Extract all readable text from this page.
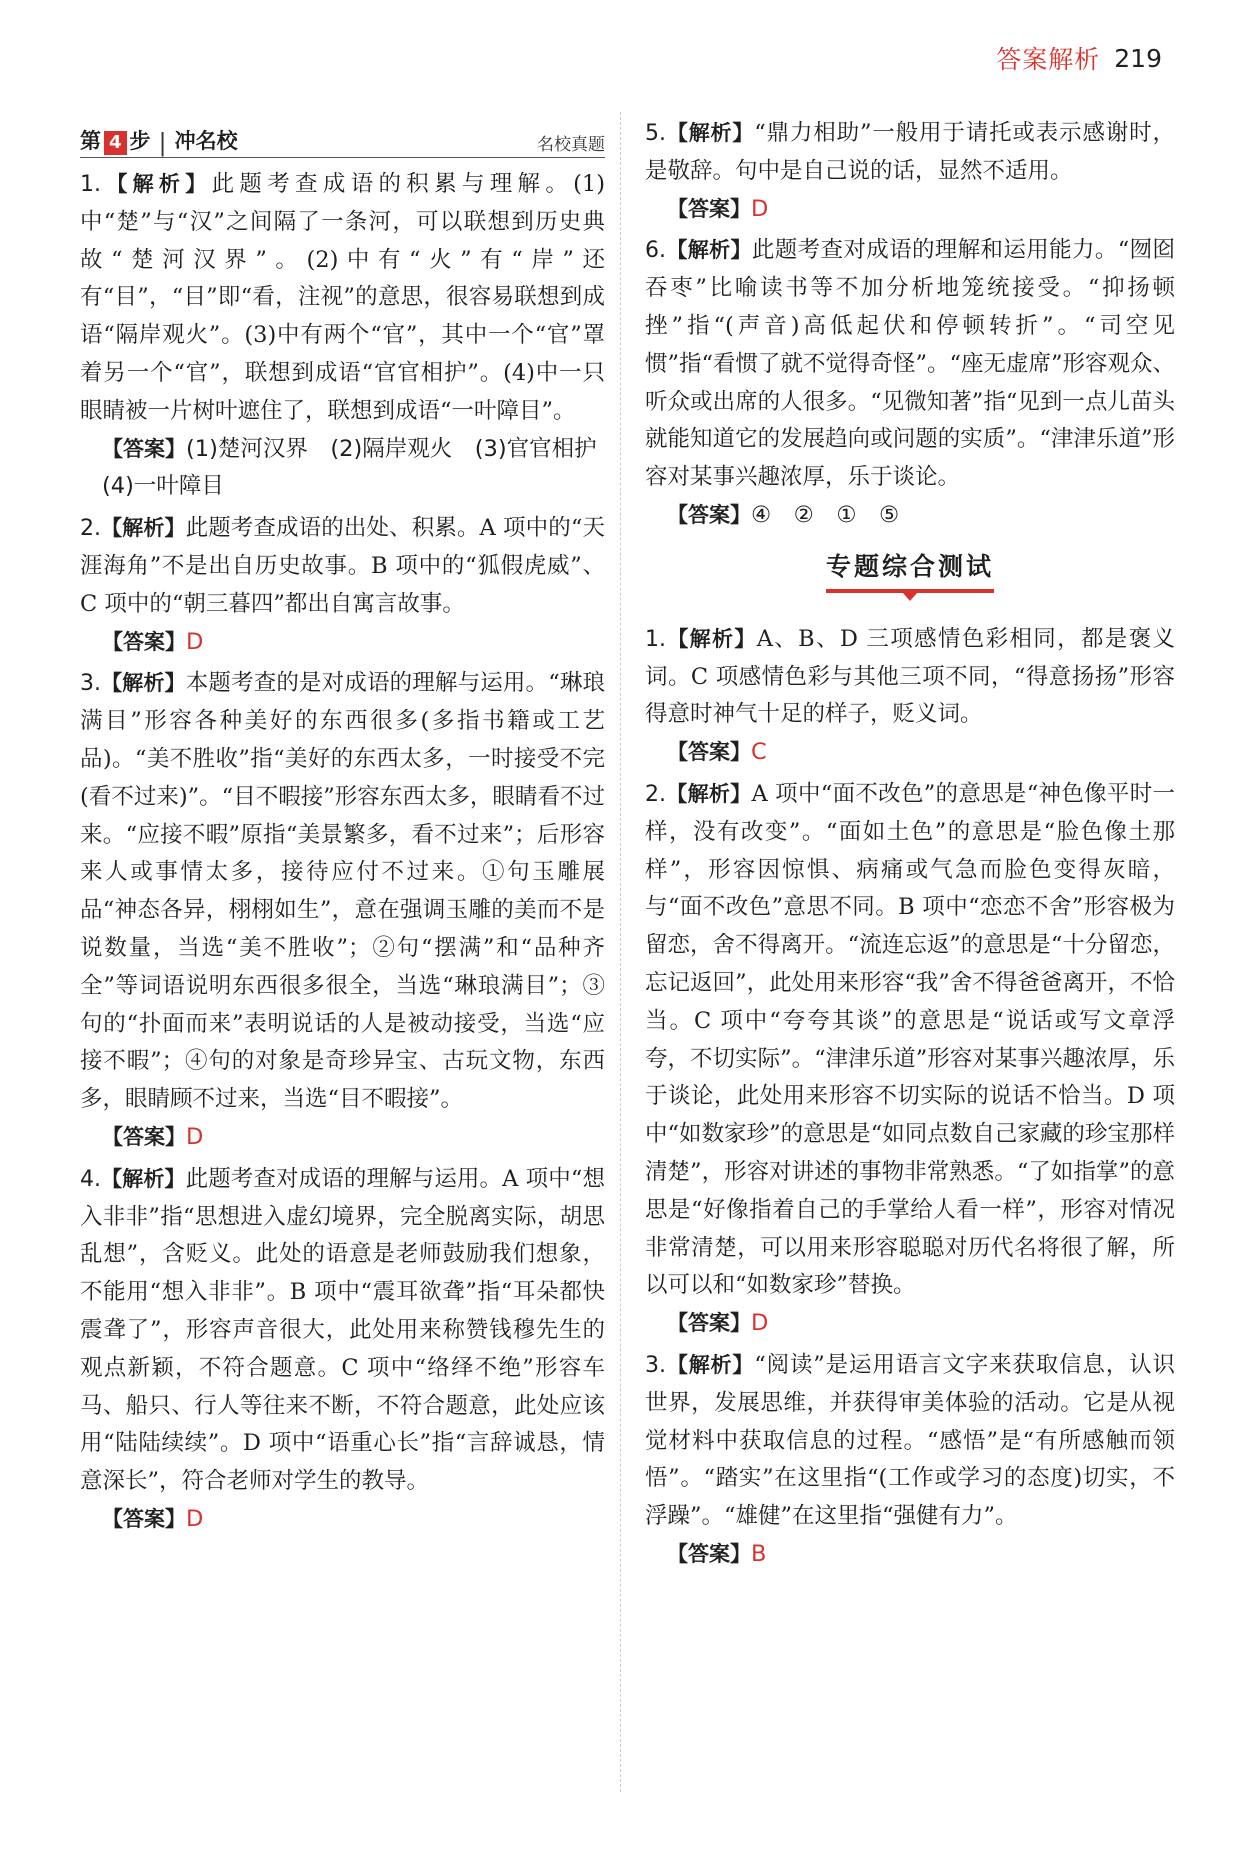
答案解析 219
第 4 步 | 冲名校	名校真题

1.【解析】此题考查成语的积累与理解。(1)中“楚”与“汉”之间隔了一条河，可以联想到历史典故“楚河汉界”。(2)中有“火”有“岸”还有“目”，“目”即“看，注视”的意思，很容易联想到成语“隔岸观火”。(3)中有两个“官”，其中一个“官”罩着另一个“官”，联想到成语“官官相护”。(4)中一只眼睛被一片树叶遮住了，联想到成语“一叶障目”。

【答案】(1)楚河汉界　(2)隔岸观火　(3)官官相护　(4)一叶障目

2.【解析】此题考查成语的出处、积累。A 项中的“天涯海角”不是出自历史故事。B 项中的“狐假虎威”、C 项中的“朝三暮四”都出自寓言故事。

【答案】D

3.【解析】本题考查的是对成语的理解与运用。“琳琅满目”形容各种美好的东西很多(多指书籍或工艺品)。“美不胜收”指“美好的东西太多，一时接受不完(看不过来)”。“目不暇接”形容东西太多，眼睛看不过来。“应接不暇”原指“美景繁多，看不过来”；后形容来人或事情太多，接待应付不过来。①句玉雕展品“神态各异，栩栩如生”，意在强调玉雕的美而不是说数量，当选“美不胜收”；②句“摆满”和“品种齐全”等词语说明东西很多很全，当选“琳琅满目”；③句的“扑面而来”表明说话的人是被动接受，当选“应接不暇”；④句的对象是奇珍异宝、古玩文物，东西多，眼睛顾不过来，当选“目不暇接”。

【答案】D

4.【解析】此题考查对成语的理解与运用。A 项中“想入非非”指“思想进入虚幻境界，完全脱离实际，胡思乱想”，含贬义。此处的语意是老师鼓励我们想象，不能用“想入非非”。B 项中“震耳欲聋”指“耳朵都快震聋了”，形容声音很大，此处用来称赞钱穆先生的观点新颖，不符合题意。C 项中“络绎不绝”形容车马、船只、行人等往来不断，不符合题意，此处应该用“陆陆续续”。D 项中“语重心长”指“言辞诚恳，情意深长”，符合老师对学生的教导。

【答案】D

5.【解析】“鼎力相助”一般用于请托或表示感谢时，是敬辞。句中是自己说的话，显然不适用。

【答案】D

6.【解析】此题考查对成语的理解和运用能力。“囫囵吞枣”比喻读书等不加分析地笼统接受。“抑扬顿挫”指“(声音)高低起伏和停顿转折”。“司空见惯”指“看惯了就不觉得奇怪”。“座无虚席”形容观众、听众或出席的人很多。“见微知著”指“见到一点儿苗头就能知道它的发展趋向或问题的实质”。“津津乐道”形容对某事兴趣浓厚，乐于谈论。

【答案】④　②　①　⑤

专题综合测试

1.【解析】A、B、D 三项感情色彩相同，都是褒义词。C 项感情色彩与其他三项不同，“得意扬扬”形容得意时神气十足的样子，贬义词。

【答案】C

2.【解析】A 项中“面不改色”的意思是“神色像平时一样，没有改变”。“面如土色”的意思是“脸色像土那样”，形容因惊惧、病痛或气急而脸色变得灰暗，与“面不改色”意思不同。B 项中“恋恋不舍”形容极为留恋，舍不得离开。“流连忘返”的意思是“十分留恋，忘记返回”，此处用来形容“我”舍不得爸爸离开，不恰当。C 项中“夸夸其谈”的意思是“说话或写文章浮夸，不切实际”。“津津乐道”形容对某事兴趣浓厚，乐于谈论，此处用来形容不切实际的说话不恰当。D 项中“如数家珍”的意思是“如同点数自己家藏的珍宝那样清楚”，形容对讲述的事物非常熟悉。“了如指掌”的意思是“好像指着自己的手掌给人看一样”，形容对情况非常清楚，可以用来形容聪聪对历代名将很了解，所以可以和“如数家珍”替换。

【答案】D

3.【解析】“阅读”是运用语言文字来获取信息，认识世界，发展思维，并获得审美体验的活动。它是从视觉材料中获取信息的过程。“感悟”是“有所感触而领悟”。“踏实”在这里指“(工作或学习的态度)切实，不浮躁”。“雄健”在这里指“强健有力”。

【答案】B
